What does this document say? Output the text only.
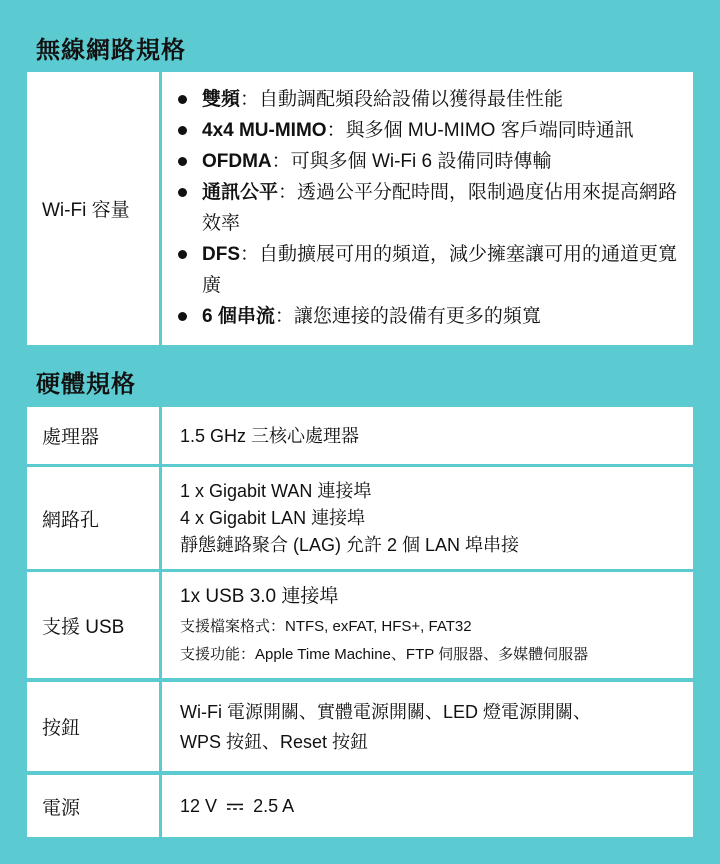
無線網路規格
Wi-Fi 容量
雙頻：自動調配頻段給設備以獲得最佳性能
4x4 MU-MIMO：與多個 MU-MIMO 客戶端同時通訊
OFDMA：可與多個 Wi-Fi 6 設備同時傳輸
通訊公平：透過公平分配時間，限制過度佔用來提高網路效率
DFS：自動擴展可用的頻道，減少擁塞讓可用的通道更寬廣
6 個串流：讓您連接的設備有更多的頻寬
硬體規格
處理器	1.5 GHz 三核心處理器
網路孔
1 x Gigabit WAN 連接埠
4 x Gigabit LAN 連接埠
靜態鏈路聚合 (LAG) 允許 2 個 LAN 埠串接
支援 USB
1x USB 3.0 連接埠
支援檔案格式：NTFS, exFAT, HFS+, FAT32
支援功能：Apple Time Machine、FTP 伺服器、多媒體伺服器
按鈕
Wi-Fi 電源開關、實體電源開關、LED 燈電源開關、
WPS 按鈕、Reset 按鈕
電源	12 V 2.5 A
